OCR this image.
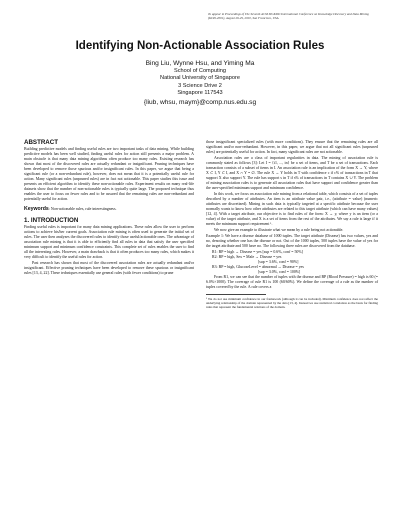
To appear in Proceedings of The Seventh ACM SIGKDD International Conference on Knowledge Discovery and Data Mining (KDD-2001), August 26-29, 2001, San Francisco, USA.
Identifying Non-Actionable Association Rules
Bing Liu, Wynne Hsu, and Yiming Ma
School of Computing
National University of Singapore
3 Science Drive 2
Singapore 117543
{liub, whsu, maym}@comp.nus.edu.sg
ABSTRACT

Building predictive models and finding useful rules are two important tasks of data mining. While building predictive models has been well studied, finding useful rules for action still presents a major problem. A main obstacle is that many data mining algorithms often produce too many rules. Existing research has shown that most of the discovered rules are actually redundant or insignificant. Pruning techniques have been developed to remove those spurious and/or insignificant rules. In this paper, we argue that being a significant rule (or a non-redundant rule), however, does not mean that it is a potentially useful rule for action. Many significant rules (unpruned rules) are in fact not actionable. This paper studies this issue and presents an efficient algorithm to identify these non-actionable rules. Experiment results on many real-life datasets show that the number of non-actionable rules is typically quite large. The proposed technique thus enables the user to focus on fewer rules and to be assured that the remaining rules are non-redundant and potentially useful for action.

Keywords: Non-actionable rules, rule interestingness.
1. INTRODUCTION

Finding useful rules is important for many data mining applications. These rules allow the user to perform actions to achieve his/her current goals. Association rule mining is often used to generate the initial set of rules. The user then analyzes the discovered rules to identify those useful/actionable ones. The advantage of association rule mining is that it is able to efficiently find all rules in data that satisfy the user specified minimum support and minimum confidence constraints. This complete set of rules enables the user to find all the interesting rules. However, a main drawback is that it often produces too many rules, which makes it very difficult to identify the useful rules for action.

Past research has shown that most of the discovered association rules are actually redundant and/or insignificant. Effective pruning techniques have been developed to remove these spurious or insignificant rules [13, 4, 22]. These techniques essentially use general rules (with fewer conditions) to prune

those insignificant specialized rules (with more conditions). They ensure that the remaining rules are all significant and/or non-redundant. However, in this paper, we argue that not all significant rules (unpruned rules) are potentially useful for action. In fact, many significant rules are not actionable.

Association rules are a class of important regularities in data. The mining of association rule is commonly stated as follows [3]: Let I = {i1, ..., in} be a set of items, and T be a set of transactions. Each transaction consists of a subset of items in I. An association rule is an implication of the form X → Y, where X ⊂ I, Y ⊂ I, and X ∩ Y = ∅. The rule X → Y holds in T with confidence c if c% of transactions in T that support X also support Y. The rule has support s in T if s% of transactions in T contains X ∪ Y. The problem of mining association rules is to generate all association rules that have support and confidence greater than the user-specified minimum support and minimum confidence.

In this work, we focus on association rule mining from a relational table, which consists of a set of tuples described by a number of attributes. An item is an attribute value pair, i.e., (attribute = value) (numeric attributes are discretized). Mining in such data is typically targeted at a specific attribute because the user normally wants to know how other attributes are related to this target attribute (which can have many values) [12, 4]. With a target attribute, our objective is to find rules of the form: X → y, where y is an item (or a value) of the target attribute, and X is a set of items from the rest of the attributes. We say a rule is large if it meets the minimum support requirement ¹.

We now give an example to illustrate what we mean by a rule being not actionable.

Example 1: We have a disease database of 1000 tuples. The target attribute (Disease) has two values, yes and no, denoting whether one has the disease or not. Out of the 1000 tuples, 500 tuples have the value of yes for the target attribute and 500 have no. The following three rules are discovered from the database.

R1: BP = high → Disease = yes [sup = 0.6%, conf = 50%]
R2: BP = high, Sex = Male → Disease = yes
[sup = 3.6%, conf = 90%]
R3: BP = high, GlucoseLevel = abnormal → Disease = yes
[sup = 3.0%, conf = 100%]

From R1, we can see that the number of tuples with the disease and BP (Blood Pressure) = high is 60 (= 6.0%×1000). The coverage of rule R1 is 100 (60/60%). We define the coverage of a rule as the number of tuples covered by the rule. A rule covers a

¹ We do not use minimum confidence in our framework (although it can be included). Minimum confidence does not reflect the underlying relationship of the domain represented by the data [13, 4]. Instead we use statistical correlation as the basis for finding rules that represent the fundamental relations of the domain.
